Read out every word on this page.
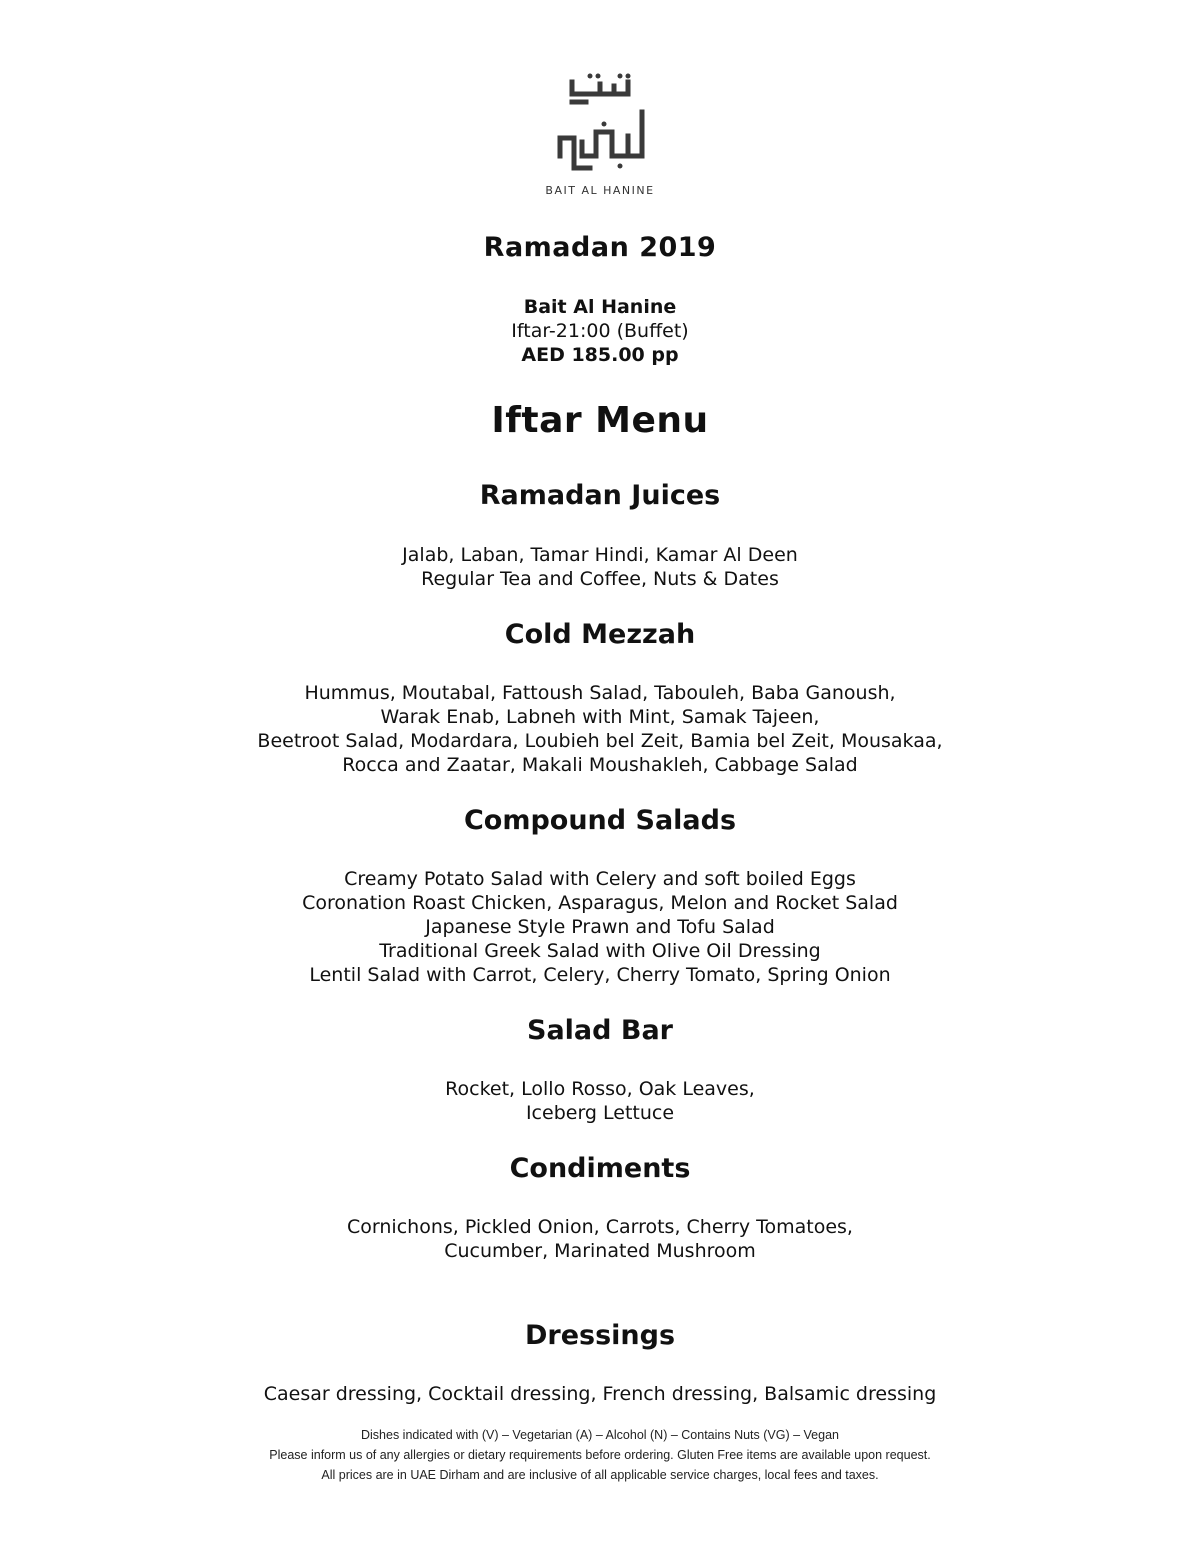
BAIT AL HANINE
Ramadan 2019
Bait Al Hanine
Iftar-21:00 (Buffet)
AED 185.00 pp
Iftar Menu
Ramadan Juices
Jalab, Laban, Tamar Hindi, Kamar Al Deen
Regular Tea and Coffee, Nuts & Dates
Cold Mezzah
Hummus, Moutabal, Fattoush Salad, Tabouleh, Baba Ganoush,
Warak Enab, Labneh with Mint, Samak Tajeen,
Beetroot Salad, Modardara, Loubieh bel Zeit, Bamia bel Zeit, Mousakaa,
Rocca and Zaatar, Makali Moushakleh, Cabbage Salad
Compound Salads
Creamy Potato Salad with Celery and soft boiled Eggs
Coronation Roast Chicken, Asparagus, Melon and Rocket Salad
Japanese Style Prawn and Tofu Salad
Traditional Greek Salad with Olive Oil Dressing
Lentil Salad with Carrot, Celery, Cherry Tomato, Spring Onion
Salad Bar
Rocket, Lollo Rosso, Oak Leaves,
Iceberg Lettuce
Condiments
Cornichons, Pickled Onion, Carrots, Cherry Tomatoes,
Cucumber, Marinated Mushroom
Dressings
Caesar dressing, Cocktail dressing, French dressing, Balsamic dressing
Dishes indicated with (V) – Vegetarian (A) – Alcohol (N) – Contains Nuts (VG) – Vegan
Please inform us of any allergies or dietary requirements before ordering. Gluten Free items are available upon request.
All prices are in UAE Dirham and are inclusive of all applicable service charges, local fees and taxes.
